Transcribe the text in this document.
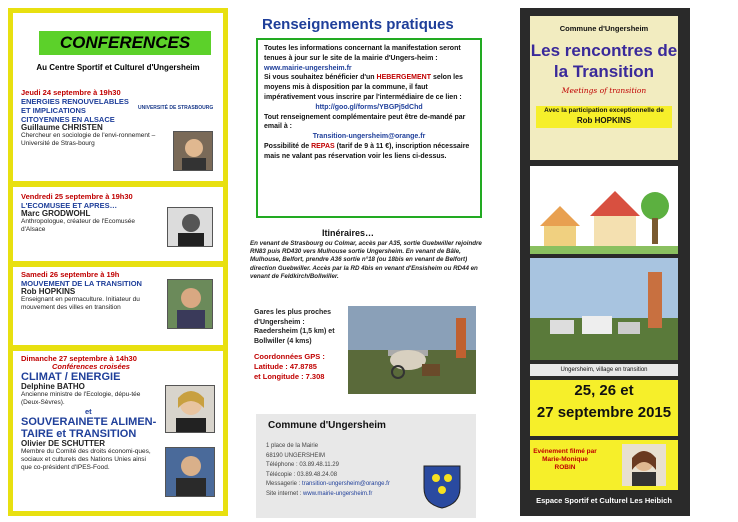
CONFERENCES
Au Centre Sportif et Culturel d'Ungersheim
Jeudi 24 septembre à 19h30
ENERGIES RENOUVELABLES ET IMPLICATIONS CITOYENNES EN ALSACE
Guillaume CHRISTEN
Chercheur en sociologie de l'envi-ronnement – Université de Stras-bourg
UNIVERSITÉ DE STRASBOURG
Vendredi 25 septembre à 19h30
L'ECOMUSEE ET APRES…
Marc GRODWOHL
Anthropologue, créateur de l'Ecomusée d'Alsace
Samedi 26 septembre à 19h
MOUVEMENT DE LA TRANSITION
Rob HOPKINS
Enseignant en permaculture. Initiateur du mouvement des villes en transition
Dimanche 27 septembre à 14h30
Conférences croisées
CLIMAT / ENERGIE
Delphine BATHO
Ancienne ministre de l'Ecologie, dépu-tée (Deux-Sèvres).
et
SOUVERAINETE ALIMEN-TAIRE et TRANSITION
Olivier DE SCHUTTER
Membre du Comité des droits économi-ques, sociaux et culturels des Nations Unies ainsi que co-président d'IPES-Food.
Renseignements pratiques
Toutes les informations concernant la manifestation seront tenues à jour sur le site de la mairie d'Ungers-heim : www.mairie-ungersheim.fr
Si vous souhaitez bénéficier d'un HEBERGEMENT selon les moyens mis à disposition par la commune, il faut impérativement vous inscrire par l'intermédiaire de ce lien :
http://goo.gl/forms/YBGPj5dChd
Tout renseignement complémentaire peut être de-mandé par email à :
Transition-ungersheim@orange.fr
Possibilité de REPAS (tarif de 9 à 11 €), inscription nécessaire mais ne valant pas réservation voir les liens ci-dessus.
Itinéraires…
En venant de Strasbourg ou Colmar, accès par A35, sortie Guebwiller rejoindre RN83 puis RD430 vers Mulhouse sortie Ungersheim. En venant de Bâle, Mulhouse, Belfort, prendre A36 sortie n°18 (ou 18bis en venant de Belfort) direction Guebwiller. Accès par la RD 4bis en venant d'Ensisheim ou RD44 en venant de Feldkirch/Bollwiller.
Gares les plus proches d'Ungersheim : Raedersheim (1,5 km) et Bollwiller (4 kms)
Coordonnées GPS :
Latitude : 47.8785
et Longitude : 7.308
Commune d'Ungersheim
1 place de la Mairie
68190 UNGERSHEIM
Téléphone : 03.89.48.11.29
Télécopie : 03.89.48.24.08
Messagerie : transition-ungersheim@orange.fr
Site internet : www.mairie-ungersheim.fr
Commune d'Ungersheim
Les rencontres de la Transition
Meetings of transition
Avec la participation exceptionnelle de
Rob HOPKINS
Ungersheim, village en transition
25, 26 et
27 septembre 2015
Evénement filmé par Marie-Monique ROBIN
Espace Sportif et Culturel Les Heibich
